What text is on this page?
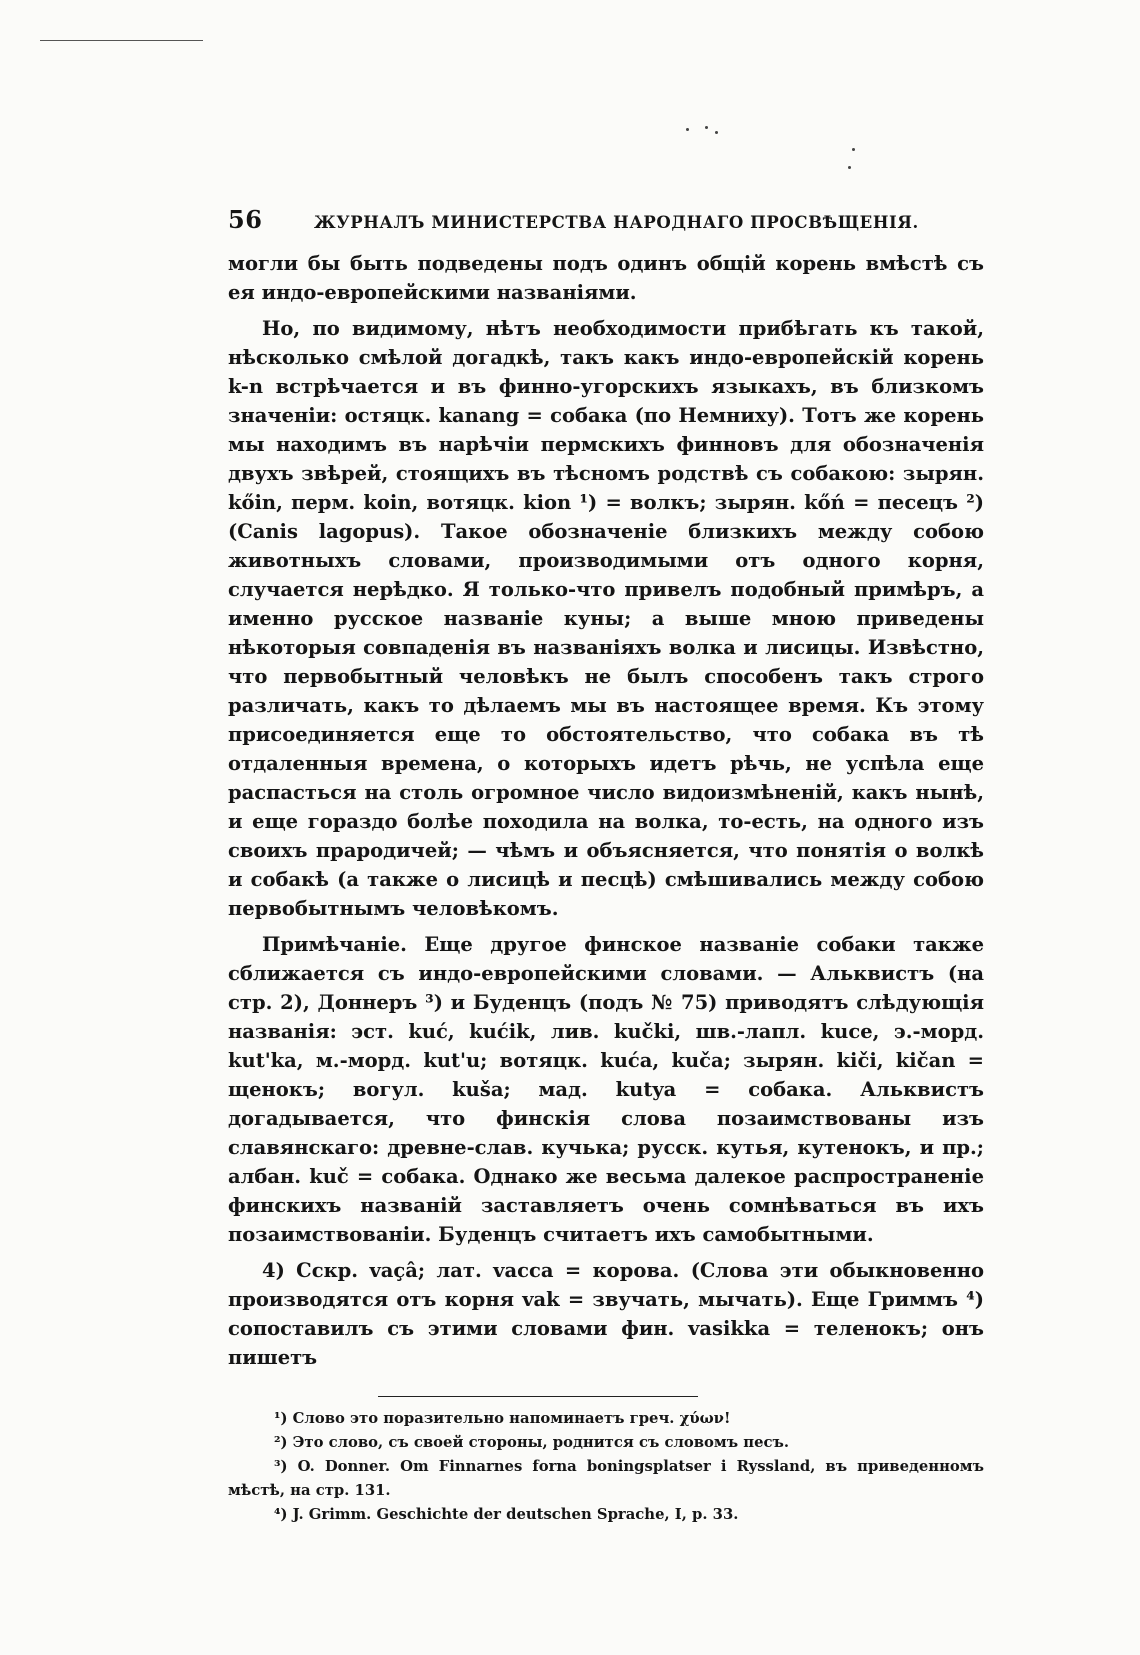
56	ЖУРНАЛЪ МИНИСТЕРСТВА НАРОДНАГО ПРОСВѢЩЕНІЯ.

могли бы быть подведены подъ одинъ общій корень вмѣстѣ съ ея индо-европейскими названіями.

Но, по видимому, нѣтъ необходимости прибѣгать къ такой, нѣсколько смѣлой догадкѣ, такъ какъ индо-европейскій корень k-n встрѣчается и въ финно-угорскихъ языкахъ, въ близкомъ значеніи: остяцк. kanang = собака (по Немниху). Тотъ же корень мы находимъ въ нарѣчіи пермскихъ финновъ для обозначенія двухъ звѣрей, стоящихъ въ тѣсномъ родствѣ съ собакою: зырян. kőin, перм. koin, вотяцк. kion ¹) = волкъ; зырян. kőń = песецъ ²) (Canis lagopus). Такое обозначеніе близкихъ между собою животныхъ словами, производимыми отъ одного корня, случается нерѣдко. Я только-что привелъ подобный примѣръ, а именно русское названіе куны; а выше мною приведены нѣкоторыя совпаденія въ названіяхъ волка и лисицы. Извѣстно, что первобытный человѣкъ не былъ способенъ такъ строго различать, какъ то дѣлаемъ мы въ настоящее время. Къ этому присоединяется еще то обстоятельство, что собака въ тѣ отдаленныя времена, о которыхъ идетъ рѣчь, не успѣла еще распасться на столь огромное число видоизмѣненій, какъ нынѣ, и еще гораздо болѣе походила на волка, то-есть, на одного изъ своихъ прародичей; — чѣмъ и объясняется, что понятія о волкѣ и собакѣ (а также о лисицѣ и песцѣ) смѣшивались между собою первобытнымъ человѣкомъ.

Примѣчаніе. Еще другое финское названіе собаки также сближается съ индо-европейскими словами. — Альквистъ (на стр. 2), Доннеръ ³) и Буденцъ (подъ № 75) приводятъ слѣдующія названія: эст. kuć, kućik, лив. kučki, шв.-лапл. kuce, э.-морд. kut'ka, м.-морд. kut'u; вотяцк. kuća, kuča; зырян. kiči, kičan = щенокъ; вогул. kuša; мад. kutya = собака. Альквистъ догадывается, что финскія слова позаимствованы изъ славянскаго: древне-слав. кучька; русск. кутья, кутенокъ, и пр.; албан. kuč = собака. Однако же весьма далекое распространеніе финскихъ названій заставляетъ очень сомнѣваться въ ихъ позаимствованіи. Буденцъ считаетъ ихъ самобытными.

4) Сскр. vaçâ; лат. vacca = корова. (Слова эти обыкновенно производятся отъ корня vak = звучать, мычать). Еще Гриммъ ⁴) сопоставилъ съ этими словами фин. vasikka = теленокъ; онъ пишетъ

¹) Слово это поразительно напоминаетъ греч. χύων!

²) Это слово, съ своей стороны, роднится съ словомъ песъ.

³) O. Donner. Om Finnarnes forna boningsplatser i Ryssland, въ приведенномъ мѣстѣ, на стр. 131.

⁴) J. Grimm. Geschichte der deutschen Sprache, I, p. 33.
